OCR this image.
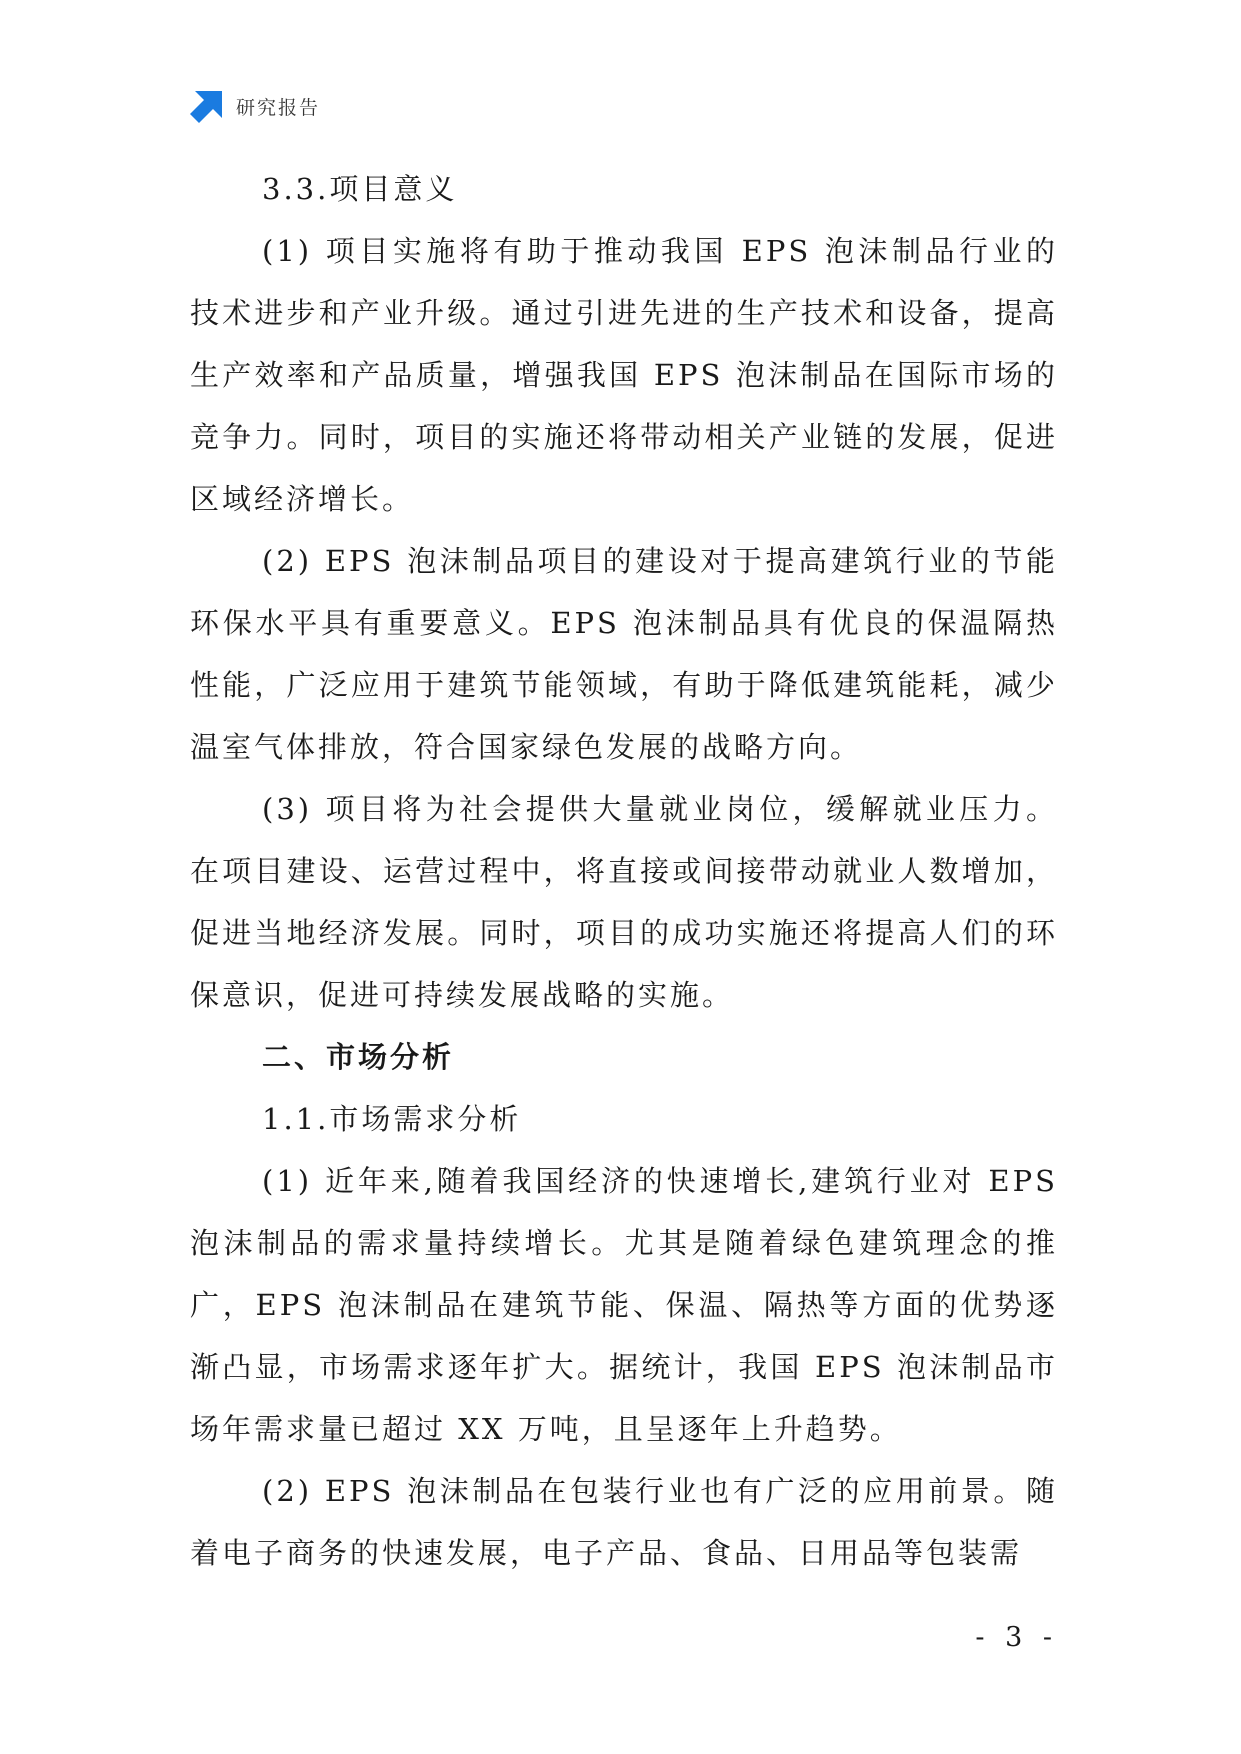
研究报告

3.3.项目意义

(1) 项目实施将有助于推动我国 EPS 泡沫制品行业的技术进步和产业升级。通过引进先进的生产技术和设备，提高生产效率和产品质量，增强我国 EPS 泡沫制品在国际市场的竞争力。同时，项目的实施还将带动相关产业链的发展，促进区域经济增长。

(2) EPS 泡沫制品项目的建设对于提高建筑行业的节能环保水平具有重要意义。EPS 泡沫制品具有优良的保温隔热性能，广泛应用于建筑节能领域，有助于降低建筑能耗，减少温室气体排放，符合国家绿色发展的战略方向。

(3) 项目将为社会提供大量就业岗位，缓解就业压力。在项目建设、运营过程中，将直接或间接带动就业人数增加，促进当地经济发展。同时，项目的成功实施还将提高人们的环保意识，促进可持续发展战略的实施。

二、市场分析

1.1.市场需求分析

(1) 近年来,随着我国经济的快速增长,建筑行业对 EPS 泡沫制品的需求量持续增长。尤其是随着绿色建筑理念的推广，EPS 泡沫制品在建筑节能、保温、隔热等方面的优势逐渐凸显，市场需求逐年扩大。据统计，我国 EPS 泡沫制品市场年需求量已超过 XX 万吨，且呈逐年上升趋势。

(2) EPS 泡沫制品在包装行业也有广泛的应用前景。随着电子商务的快速发展，电子产品、食品、日用品等包装需

- 3 -
